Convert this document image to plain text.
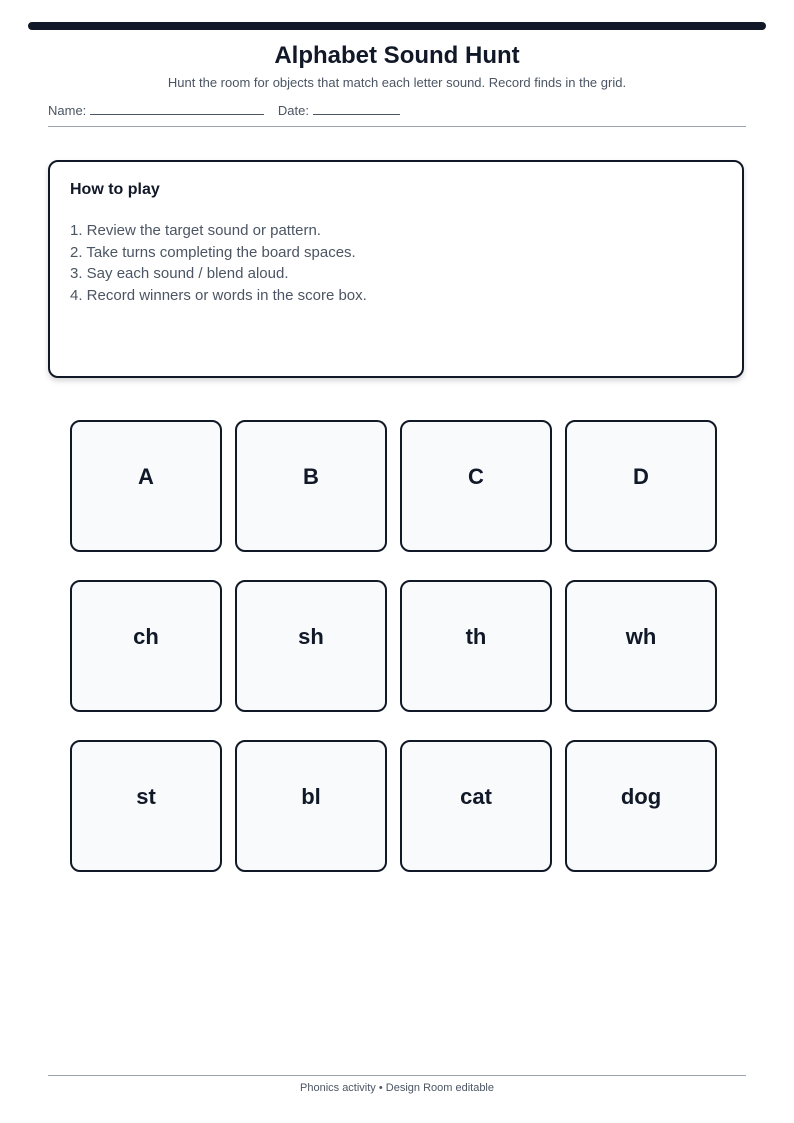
Alphabet Sound Hunt
Hunt the room for objects that match each letter sound. Record finds in the grid.
Name:	Date:
How to play
1. Review the target sound or pattern.
2. Take turns completing the board spaces.
3. Say each sound / blend aloud.
4. Record winners or words in the score box.
A	B	C	D
ch	sh	th	wh
st	bl	cat	dog
Phonics activity • Design Room editable
